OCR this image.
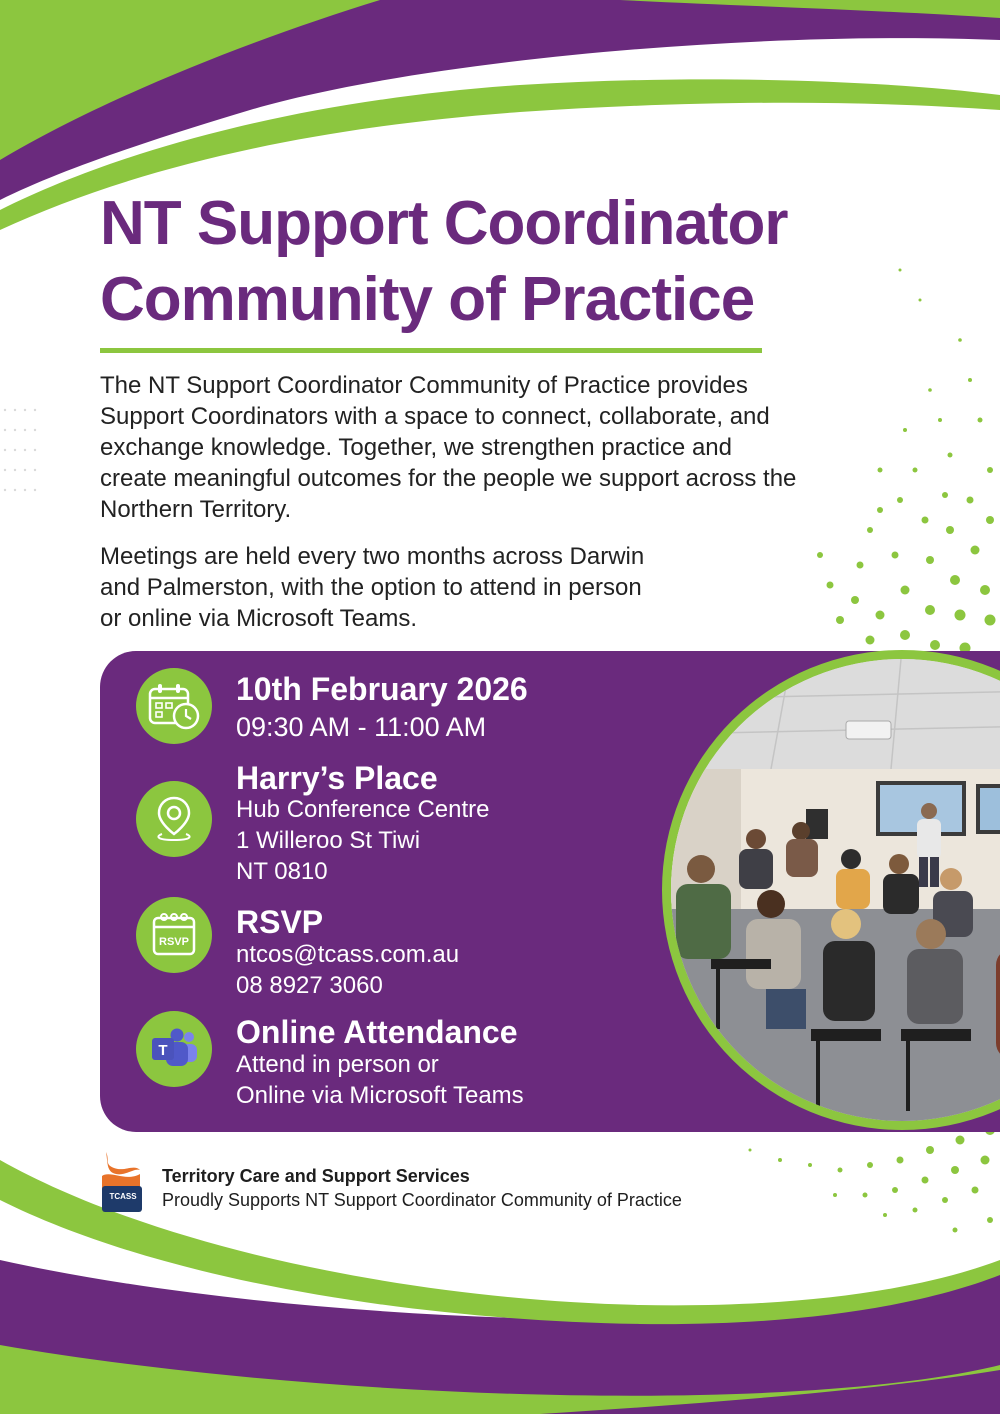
NT Support Coordinator
Community of Practice

The NT Support Coordinator Community of Practice provides Support Coordinators with a space to connect, collaborate, and exchange knowledge. Together, we strengthen practice and create meaningful outcomes for the people we support across the Northern Territory.

Meetings are held every two months across Darwin and Palmerston, with the option to attend in person or online via Microsoft Teams.

10th February 2026

09:30 AM - 11:00 AM

Harry’s Place

Hub Conference Centre

1 Willeroo St Tiwi

NT 0810

RSVP

RSVP

ntcos@tcass.com.au

08 8927 3060

T

Online Attendance

Attend in person or

Online via Microsoft Teams

TCASS

Territory Care and Support Services

Proudly Supports NT Support Coordinator Community of Practice
